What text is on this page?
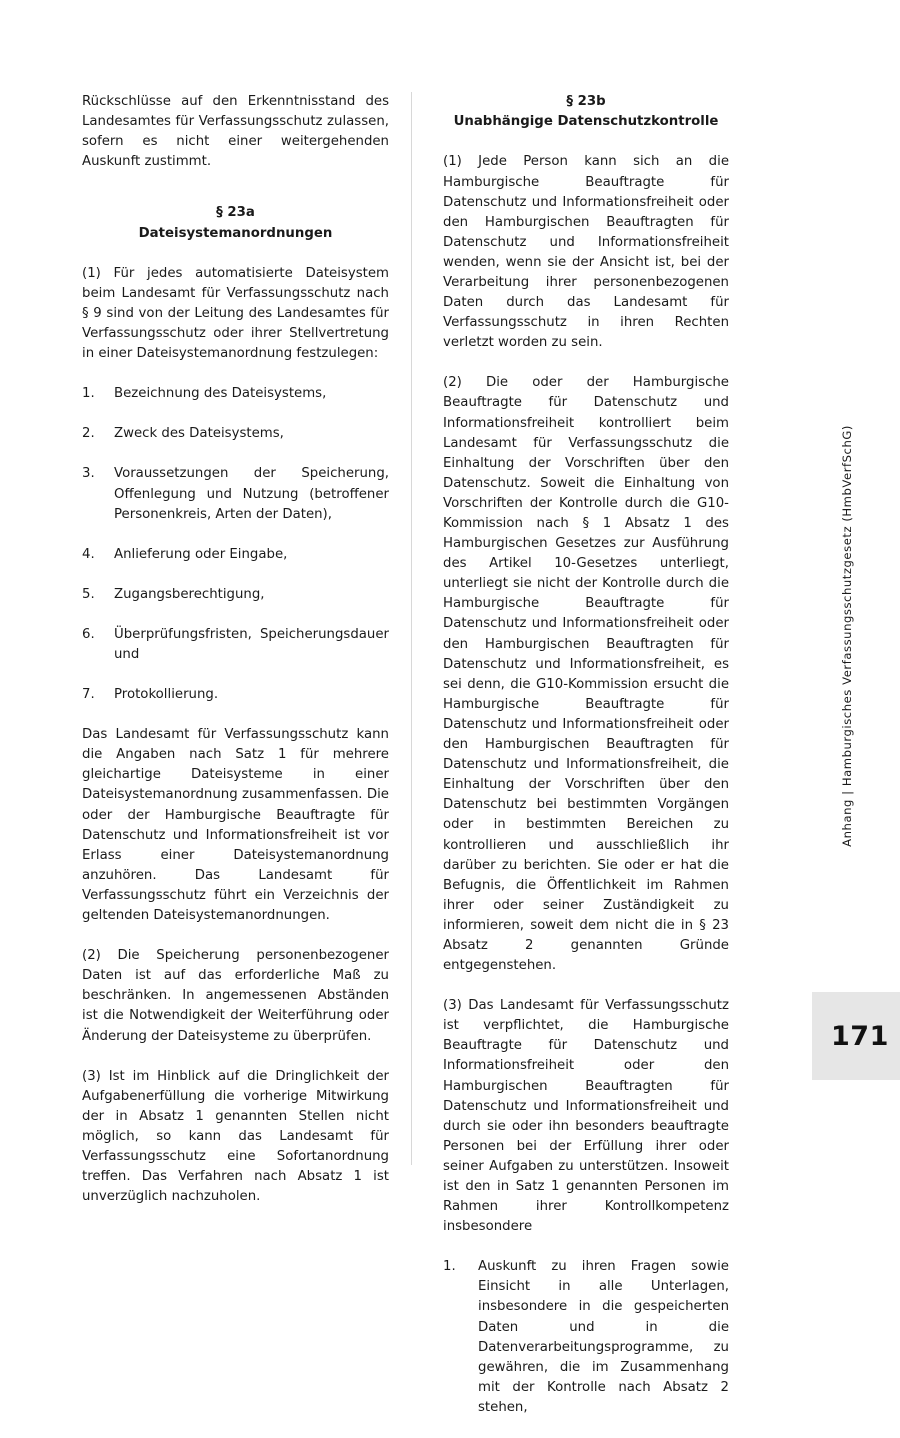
Rückschlüsse auf den Erkenntnisstand des Landesamtes für Verfassungsschutz zulassen, sofern es nicht einer weitergehenden Auskunft zustimmt.

§ 23a
Dateisystemanordnungen

(1) Für jedes automatisierte Dateisystem beim Landesamt für Verfassungsschutz nach § 9 sind von der Leitung des Landesamtes für Verfassungsschutz oder ihrer Stellvertretung in einer Dateisystemanordnung festzulegen:

1.	Bezeichnung des Dateisystems,
2.	Zweck des Dateisystems,
3.	Voraussetzungen der Speicherung, Offenlegung und Nutzung (betroffener Personenkreis, Arten der Daten),
4.	Anlieferung oder Eingabe,
5.	Zugangsberechtigung,
6.	Überprüfungsfristen, Speicherungsdauer und
7.	Protokollierung.

Das Landesamt für Verfassungsschutz kann die Angaben nach Satz 1 für mehrere gleichartige Dateisysteme in einer Dateisystemanordnung zusammenfassen. Die oder der Hamburgische Beauftragte für Datenschutz und Informationsfreiheit ist vor Erlass einer Dateisystemanordnung anzuhören. Das Landesamt für Verfassungsschutz führt ein Verzeichnis der geltenden Dateisystemanordnungen.

(2) Die Speicherung personenbezogener Daten ist auf das erforderliche Maß zu beschränken. In angemessenen Abständen ist die Notwendigkeit der Weiterführung oder Änderung der Dateisysteme zu überprüfen.

(3) Ist im Hinblick auf die Dringlichkeit der Aufgabenerfüllung die vorherige Mitwirkung der in Absatz 1 genannten Stellen nicht möglich, so kann das Landesamt für Verfassungsschutz eine Sofortanordnung treffen. Das Verfahren nach Absatz 1 ist unverzüglich nachzuholen.

§ 23b
Unabhängige Datenschutzkontrolle

(1) Jede Person kann sich an die Hamburgische Beauftragte für Datenschutz und Informationsfreiheit oder den Hamburgischen Beauftragten für Datenschutz und Informationsfreiheit wenden, wenn sie der Ansicht ist, bei der Verarbeitung ihrer personenbezogenen Daten durch das Landesamt für Verfassungsschutz in ihren Rechten verletzt worden zu sein.

(2) Die oder der Hamburgische Beauftragte für Datenschutz und Informationsfreiheit kontrolliert beim Landesamt für Verfassungsschutz die Einhaltung der Vorschriften über den Datenschutz. Soweit die Einhaltung von Vorschriften der Kontrolle durch die G10-Kommission nach § 1 Absatz 1 des Hamburgischen Gesetzes zur Ausführung des Artikel 10-Gesetzes unterliegt, unterliegt sie nicht der Kontrolle durch die Hamburgische Beauftragte für Datenschutz und Informationsfreiheit oder den Hamburgischen Beauftragten für Datenschutz und Informationsfreiheit, es sei denn, die G10-Kommission ersucht die Hamburgische Beauftragte für Datenschutz und Informationsfreiheit oder den Hamburgischen Beauftragten für Datenschutz und Informationsfreiheit, die Einhaltung der Vorschriften über den Datenschutz bei bestimmten Vorgängen oder in bestimmten Bereichen zu kontrollieren und ausschließlich ihr darüber zu berichten. Sie oder er hat die Befugnis, die Öffentlichkeit im Rahmen ihrer oder seiner Zuständigkeit zu informieren, soweit dem nicht die in § 23 Absatz 2 genannten Gründe entgegenstehen.

(3) Das Landesamt für Verfassungsschutz ist verpflichtet, die Hamburgische Beauftragte für Datenschutz und Informationsfreiheit oder den Hamburgischen Beauftragten für Datenschutz und Informationsfreiheit und durch sie oder ihn besonders beauftragte Personen bei der Erfüllung ihrer oder seiner Aufgaben zu unterstützen. Insoweit ist den in Satz 1 genannten Personen im Rahmen ihrer Kontrollkompetenz insbesondere

1.	Auskunft zu ihren Fragen sowie Einsicht in alle Unterlagen, insbesondere in die gespeicherten Daten und in die Datenverarbeitungsprogramme, zu gewähren, die im Zusammenhang mit der Kontrolle nach Absatz 2 stehen,
Anhang | Hamburgisches Verfassungsschutzgesetz (HmbVerfSchG)
171
